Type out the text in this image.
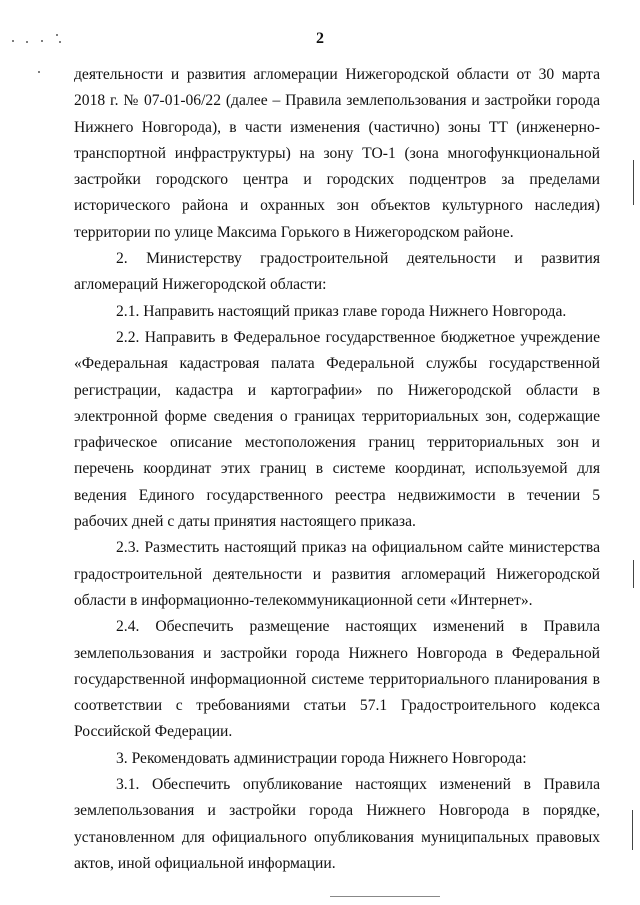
2

деятельности и развития агломерации Нижегородской области от 30 марта 2018 г. № 07-01-06/22 (далее – Правила землепользования и застройки города Нижнего Новгорода), в части изменения (частично) зоны ТТ (инженерно-транспортной инфраструктуры) на зону ТО-1 (зона многофункциональной застройки городского центра и городских подцентров за пределами исторического района и охранных зон объектов культурного наследия) территории по улице Максима Горького в Нижегородском районе.

2. Министерству градостроительной деятельности и развития агломераций Нижегородской области:

2.1. Направить настоящий приказ главе города Нижнего Новгорода.

2.2. Направить в Федеральное государственное бюджетное учреждение «Федеральная кадастровая палата Федеральной службы государственной регистрации, кадастра и картографии» по Нижегородской области в электронной форме сведения о границах территориальных зон, содержащие графическое описание местоположения границ территориальных зон и перечень координат этих границ в системе координат, используемой для ведения Единого государственного реестра недвижимости в течении 5 рабочих дней с даты принятия настоящего приказа.

2.3. Разместить настоящий приказ на официальном сайте министерства градостроительной деятельности и развития агломераций Нижегородской области в информационно-телекоммуникационной сети «Интернет».

2.4. Обеспечить размещение настоящих изменений в Правила землепользования и застройки города Нижнего Новгорода в Федеральной государственной информационной системе территориального планирования в соответствии с требованиями статьи 57.1 Градостроительного кодекса Российской Федерации.

3. Рекомендовать администрации города Нижнего Новгорода:

3.1. Обеспечить опубликование настоящих изменений в Правила землепользования и застройки города Нижнего Новгорода в порядке, установленном для официального опубликования муниципальных правовых актов, иной официальной информации.
